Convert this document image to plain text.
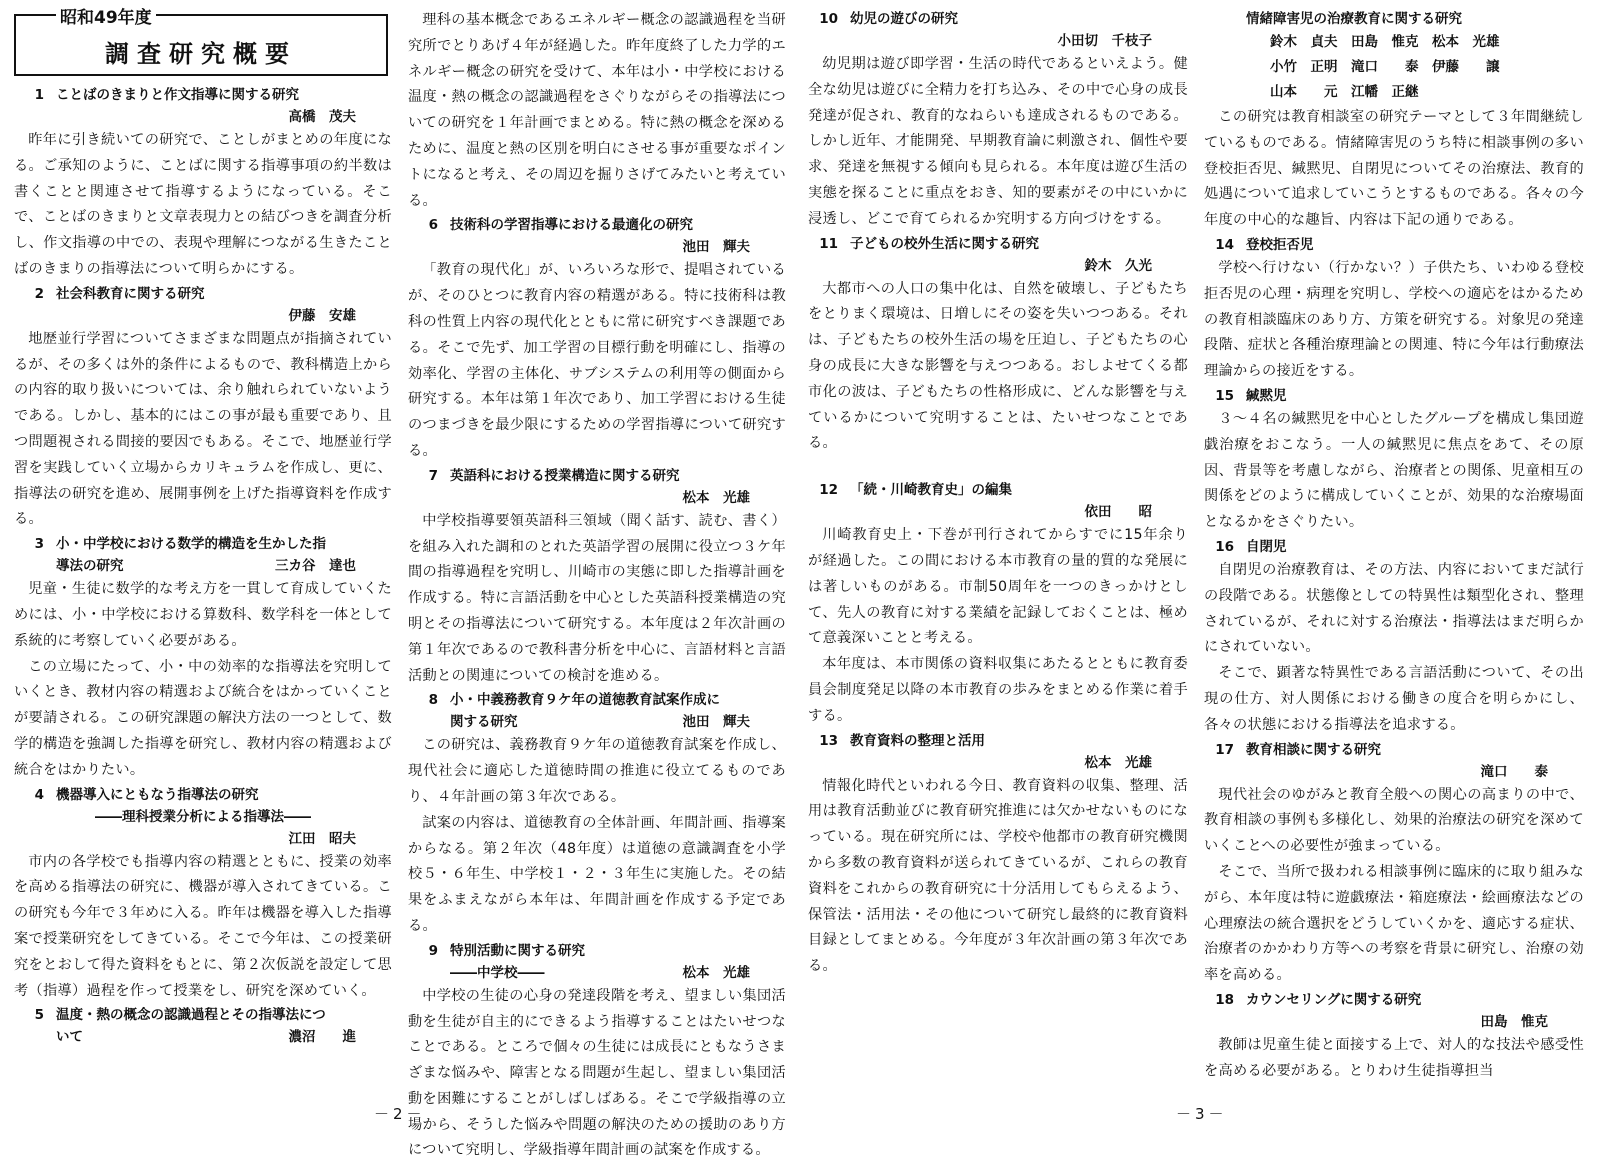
昭和49年度
調査研究概要
1 ことばのきまりと作文指導に関する研究
高橋　茂夫

昨年に引き続いての研究で、ことしがまとめの年度になる。ご承知のように、ことばに関する指導事項の約半数は書くことと関連させて指導するようになっている。そこで、ことばのきまりと文章表現力との結びつきを調査分析し、作文指導の中での、表現や理解につながる生きたことばのきまりの指導法について明らかにする。

2 社会科教育に関する研究
伊藤　安雄

地歴並行学習についてさまざまな問題点が指摘されているが、その多くは外的条件によるもので、教科構造上からの内容的取り扱いについては、余り触れられていないようである。しかし、基本的にはこの事が最も重要であり、且つ問題視される間接的要因でもある。そこで、地歴並行学習を実践していく立場からカリキュラムを作成し、更に、指導法の研究を進め、展開事例を上げた指導資料を作成する。

3 小・中学校における数学的構造を生かした指
導法の研究	三カ谷　達也

児童・生徒に数学的な考え方を一貫して育成していくためには、小・中学校における算数科、数学科を一体として系統的に考察していく必要がある。

この立場にたって、小・中の効率的な指導法を究明していくとき、教材内容の精選および統合をはかっていくことが要請される。この研究課題の解決方法の一つとして、数学的構造を強調した指導を研究し、教材内容の精選および統合をはかりたい。

4 機器導入にともなう指導法の研究
――理科授業分析による指導法――
江田　昭夫

市内の各学校でも指導内容の精選とともに、授業の効率を高める指導法の研究に、機器が導入されてきている。この研究も今年で３年めに入る。昨年は機器を導入した指導案で授業研究をしてきている。そこで今年は、この授業研究をとおして得た資料をもとに、第２次仮説を設定して思考（指導）過程を作って授業をし、研究を深めていく。

5 温度・熱の概念の認識過程とその指導法につ
いて	濃沼　　進

理科の基本概念であるエネルギー概念の認識過程を当研究所でとりあげ４年が経過した。昨年度終了した力学的エネルギー概念の研究を受けて、本年は小・中学校における温度・熱の概念の認識過程をさぐりながらその指導法についての研究を１年計画でまとめる。特に熱の概念を深めるために、温度と熱の区別を明白にさせる事が重要なポイントになると考え、その周辺を掘りさげてみたいと考えている。

6 技術科の学習指導における最適化の研究
池田　輝夫

「教育の現代化」が、いろいろな形で、提唱されているが、そのひとつに教育内容の精選がある。特に技術科は教科の性質上内容の現代化とともに常に研究すべき課題である。そこで先ず、加工学習の目標行動を明確にし、指導の効率化、学習の主体化、サブシステムの利用等の側面から研究する。本年は第１年次であり、加工学習における生徒のつまづきを最少限にするための学習指導について研究する。

7 英語科における授業構造に関する研究
松本　光雄

中学校指導要領英語科三領域（聞く話す、読む、書く）を組み入れた調和のとれた英語学習の展開に役立つ３ケ年間の指導過程を究明し、川崎市の実態に即した指導計画を作成する。特に言語活動を中心とした英語科授業構造の究明とその指導法について研究する。本年度は２年次計画の第１年次であるので教科書分析を中心に、言語材料と言語活動との関連についての検討を進める。

8 小・中義務教育９ケ年の道徳教育試案作成に
関する研究	池田　輝夫

この研究は、義務教育９ケ年の道徳教育試案を作成し、現代社会に適応した道徳時間の推進に役立てるものであり、４年計画の第３年次である。

試案の内容は、道徳教育の全体計画、年間計画、指導案からなる。第２年次（48年度）は道徳の意識調査を小学校５・６年生、中学校１・２・３年生に実施した。その結果をふまえながら本年は、年間計画を作成する予定である。

9 特別活動に関する研究
――中学校――	松本　光雄

中学校の生徒の心身の発達段階を考え、望ましい集団活動を生徒が自主的にできるよう指導することはたいせつなことである。ところで個々の生徒には成長にともなうさまざまな悩みや、障害となる問題が生起し、望ましい集団活動を困難にすることがしばしばある。そこで学級指導の立場から、そうした悩みや問題の解決のための援助のあり方について究明し、学級指導年間計画の試案を作成する。

10 幼児の遊びの研究
小田切　千枝子

幼児期は遊び即学習・生活の時代であるといえよう。健全な幼児は遊びに全精力を打ち込み、その中で心身の成長発達が促され、教育的なねらいも達成されるものである。しかし近年、才能開発、早期教育論に刺激され、個性や要求、発達を無視する傾向も見られる。本年度は遊び生活の実態を探ることに重点をおき、知的要素がその中にいかに浸透し、どこで育てられるか究明する方向づけをする。

11 子どもの校外生活に関する研究
鈴木　久光

大都市への人口の集中化は、自然を破壊し、子どもたちをとりまく環境は、日増しにその姿を失いつつある。それは、子どもたちの校外生活の場を圧迫し、子どもたちの心身の成長に大きな影響を与えつつある。おしよせてくる都市化の波は、子どもたちの性格形成に、どんな影響を与えているかについて究明することは、たいせつなことである。

12 「続・川崎教育史」の編集
依田　　昭

川崎教育史上・下巻が刊行されてからすでに15年余りが経過した。この間における本市教育の量的質的な発展には著しいものがある。市制50周年を一つのきっかけとして、先人の教育に対する業績を記録しておくことは、極めて意義深いことと考える。

本年度は、本市関係の資料収集にあたるとともに教育委員会制度発足以降の本市教育の歩みをまとめる作業に着手する。

13 教育資料の整理と活用
松本　光雄

情報化時代といわれる今日、教育資料の収集、整理、活用は教育活動並びに教育研究推進には欠かせないものになっている。現在研究所には、学校や他都市の教育研究機関から多数の教育資料が送られてきているが、これらの教育資料をこれからの教育研究に十分活用してもらえるよう、保管法・活用法・その他について研究し最終的に教育資料目録としてまとめる。今年度が３年次計画の第３年次である。

情緒障害児の治療教育に関する研究
鈴木　貞夫　田島　惟克　松本　光雄
小竹　正明　滝口　　泰　伊藤　　譲
山本　　元　江幡　正継

この研究は教育相談室の研究テーマとして３年間継続しているものである。情緒障害児のうち特に相談事例の多い登校拒否児、緘黙児、自閉児についてその治療法、教育的処遇について追求していこうとするものである。各々の今年度の中心的な趣旨、内容は下記の通りである。

14 登校拒否児

学校へ行けない（行かない？）子供たち、いわゆる登校拒否児の心理・病理を究明し、学校への適応をはかるための教育相談臨床のあり方、方策を研究する。対象児の発達段階、症状と各種治療理論との関連、特に今年は行動療法理論からの接近をする。

15 緘黙児

３～４名の緘黙児を中心としたグループを構成し集団遊戯治療をおこなう。一人の緘黙児に焦点をあて、その原因、背景等を考慮しながら、治療者との関係、児童相互の関係をどのように構成していくことが、効果的な治療場面となるかをさぐりたい。

16 自閉児

自閉児の治療教育は、その方法、内容においてまだ試行の段階である。状態像としての特異性は類型化され、整理されているが、それに対する治療法・指導法はまだ明らかにされていない。

そこで、顕著な特異性である言語活動について、その出現の仕方、対人関係における働きの度合を明らかにし、各々の状態における指導法を追求する。

17 教育相談に関する研究
滝口　　泰

現代社会のゆがみと教育全般への関心の高まりの中で、教育相談の事例も多様化し、効果的治療法の研究を深めていくことへの必要性が強まっている。

そこで、当所で扱われる相談事例に臨床的に取り組みながら、本年度は特に遊戯療法・箱庭療法・絵画療法などの心理療法の統合選択をどうしていくかを、適応する症状、治療者のかかわり方等への考察を背景に研究し、治療の効率を高める。

18 カウンセリングに関する研究
田島　惟克

教師は児童生徒と面接する上で、対人的な技法や感受性を高める必要がある。とりわけ生徒指導担当

－2－	－3－
